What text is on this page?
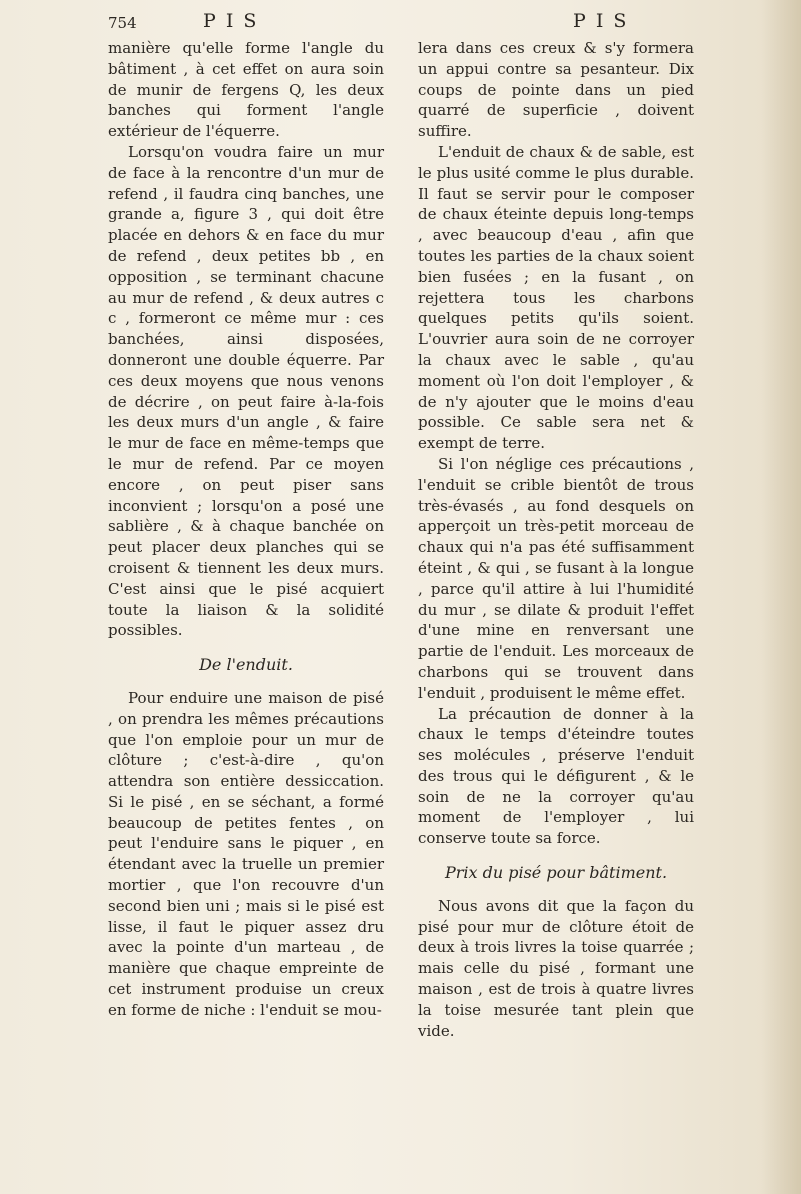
754	P I S	P I S

manière qu'elle forme l'angle du bâtiment , à cet effet on aura soin de munir de fergens Q, les deux banches qui forment l'angle extérieur de l'équerre.

Lorsqu'on voudra faire un mur de face à la rencontre d'un mur de refend , il faudra cinq banches, une grande a, figure 3 , qui doit être placée en dehors & en face du mur de refend , deux petites bb , en opposition , se terminant chacune au mur de refend , & deux autres c c , formeront ce même mur : ces banchées, ainsi disposées, donneront une double équerre. Par ces deux moyens que nous venons de décrire , on peut faire à-la-fois les deux murs d'un angle , & faire le mur de face en même-temps que le mur de refend. Par ce moyen encore , on peut piser sans inconvient ; lorsqu'on a posé une sablière , & à chaque banchée on peut placer deux planches qui se croisent & tiennent les deux murs. C'est ainsi que le pisé acquiert toute la liaison & la solidité possibles.

De l'enduit.

Pour enduire une maison de pisé , on prendra les mêmes précautions que l'on emploie pour un mur de clôture ; c'est-à-dire , qu'on attendra son entière dessiccation. Si le pisé , en se séchant, a formé beaucoup de petites fentes , on peut l'enduire sans le piquer , en étendant avec la truelle un premier mortier , que l'on recouvre d'un second bien uni ; mais si le pisé est lisse, il faut le piquer assez dru avec la pointe d'un marteau , de manière que chaque empreinte de cet instrument produise un creux en forme de niche : l'enduit se mou-

lera dans ces creux & s'y formera un appui contre sa pesanteur. Dix coups de pointe dans un pied quarré de superficie , doivent suffire.

L'enduit de chaux & de sable, est le plus usité comme le plus durable. Il faut se servir pour le composer de chaux éteinte depuis long-temps , avec beaucoup d'eau , afin que toutes les parties de la chaux soient bien fusées ; en la fusant , on rejettera tous les charbons quelques petits qu'ils soient. L'ouvrier aura soin de ne corroyer la chaux avec le sable , qu'au moment où l'on doit l'employer , & de n'y ajouter que le moins d'eau possible. Ce sable sera net & exempt de terre.

Si l'on néglige ces précautions , l'enduit se crible bientôt de trous très-évasés , au fond desquels on apperçoit un très-petit morceau de chaux qui n'a pas été suffisamment éteint , & qui , se fusant à la longue , parce qu'il attire à lui l'humidité du mur , se dilate & produit l'effet d'une mine en renversant une partie de l'enduit. Les morceaux de charbons qui se trouvent dans l'enduit , produisent le même effet.

La précaution de donner à la chaux le temps d'éteindre toutes ses molécules , préserve l'enduit des trous qui le défigurent , & le soin de ne la corroyer qu'au moment de l'employer , lui conserve toute sa force.

Prix du pisé pour bâtiment.

Nous avons dit que la façon du pisé pour mur de clôture étoit de deux à trois livres la toise quarrée ; mais celle du pisé , formant une maison , est de trois à quatre livres la toise mesurée tant plein que vide.
